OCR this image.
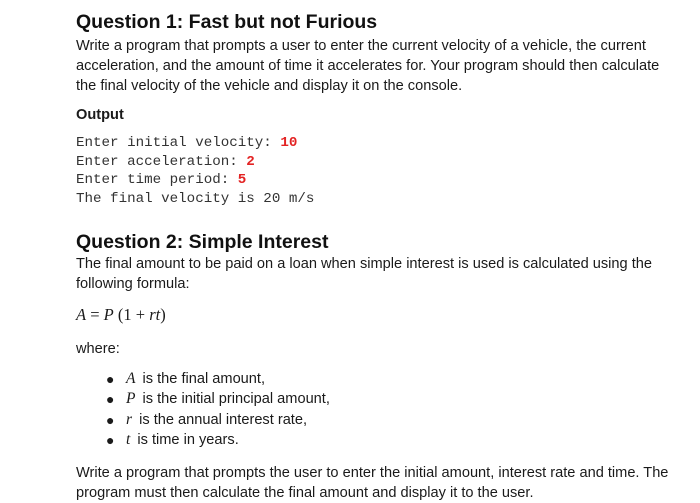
Question 1: Fast but not Furious

Write a program that prompts a user to enter the current velocity of a vehicle, the current acceleration, and the amount of time it accelerates for. Your program should then calculate the final velocity of the vehicle and display it on the console.

Output
Enter initial velocity: 10
Enter acceleration: 2
Enter time period: 5
The final velocity is 20 m/s
Question 2: Simple Interest

The final amount to be paid on a loan when simple interest is used is calculated using the following formula:

A = P (1 + rt)

where:

● A is the final amount,
● P is the initial principal amount,
● r is the annual interest rate,
● t is time in years.

Write a program that prompts the user to enter the initial amount, interest rate and time. The program must then calculate the final amount and display it to the user.
